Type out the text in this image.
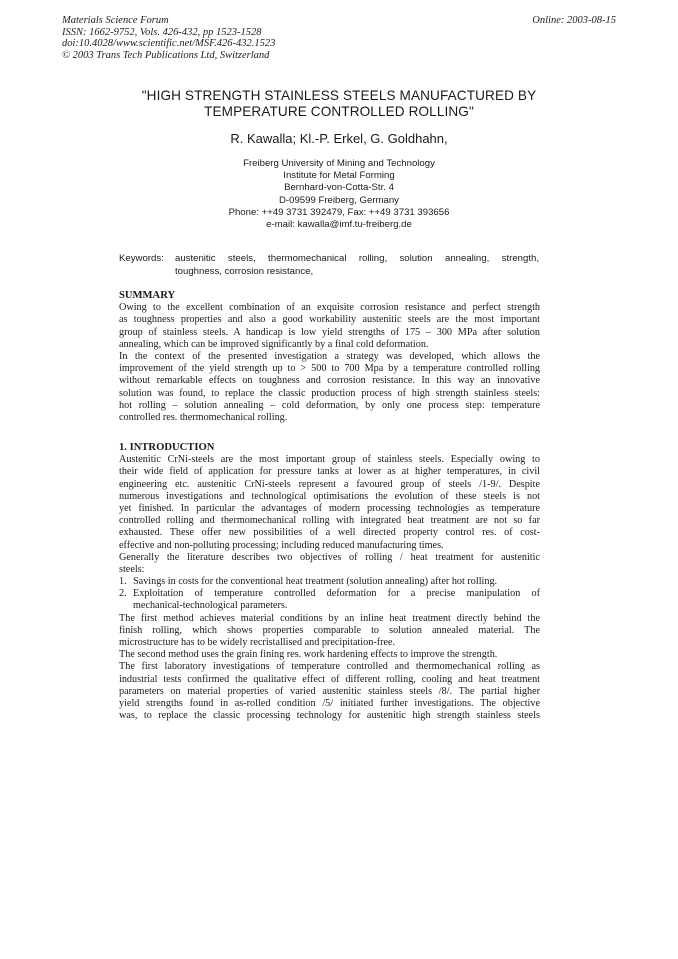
Materials Science Forum
ISSN: 1662-9752, Vols. 426-432, pp 1523-1528
doi:10.4028/www.scientific.net/MSF.426-432.1523
© 2003 Trans Tech Publications Ltd, Switzerland
Online: 2003-08-15
"HIGH STRENGTH STAINLESS STEELS MANUFACTURED BY
TEMPERATURE CONTROLLED ROLLING"
R. Kawalla; Kl.-P. Erkel, G. Goldhahn,
Freiberg University of Mining and Technology
Institute for Metal Forming
Bernhard-von-Cotta-Str. 4
D-09599 Freiberg, Germany
Phone: ++49 3731 392479, Fax: ++49 3731 393656
e-mail: kawalla@imf.tu-freiberg.de
Keywords:	austenitic steels, thermomechanical rolling, solution annealing, strength,
toughness, corrosion resistance,
SUMMARY
Owing to the excellent combination of an exquisite corrosion resistance and perfect strength
as toughness properties and also a good workability austenitic steels are the most important
group of stainless steels. A handicap is low yield strengths of 175 – 300 MPa after solution
annealing, which can be improved significantly by a final cold deformation.
In the context of the presented investigation a strategy was developed, which allows the
improvement of the yield strength up to > 500 to 700 Mpa by a temperature controlled rolling
without remarkable effects on toughness and corrosion resistance. In this way an innovative
solution was found, to replace the classic production process of high strength stainless steels:
hot rolling – solution annealing – cold deformation, by only one process step: temperature
controlled res. thermomechanical rolling.
1. INTRODUCTION
Austenitic CrNi-steels are the most important group of stainless steels. Especially owing to
their wide field of application for pressure tanks at lower as at higher temperatures, in civil
engineering etc. austenitic CrNi-steels represent a favoured group of steels /1-9/. Despite
numerous investigations and technological optimisations the evolution of these steels is not
yet finished. In particular the advantages of modern processing technologies as temperature
controlled rolling and thermomechanical rolling with integrated heat treatment are not so far
exhausted. These offer new possibilities of a well directed property control res. of cost-
effective and non-polluting processing; including reduced manufacturing times.
Generally the literature describes two objectives of rolling / heat treatment for austenitic
steels:
1. Savings in costs for the conventional heat treatment (solution annealing) after hot rolling.
2. Exploitation of temperature controlled deformation for a precise manipulation of
mechanical-technological parameters.
The first method achieves material conditions by an inline heat treatment directly behind the
finish rolling, which shows properties comparable to solution annealed material. The
microstructure has to be widely recristallised and precipitation-free.
The second method uses the grain fining res. work hardening effects to improve the strength.
The first laboratory investigations of temperature controlled and thermomechanical rolling as
industrial tests confirmed the qualitative effect of different rolling, cooling and heat treatment
parameters on material properties of varied austenitic stainless steels /8/. The partial higher
yield strengths found in as-rolled condition /5/ initiated further investigations. The objective
was, to replace the classic processing technology for austenitic high strength stainless steels
